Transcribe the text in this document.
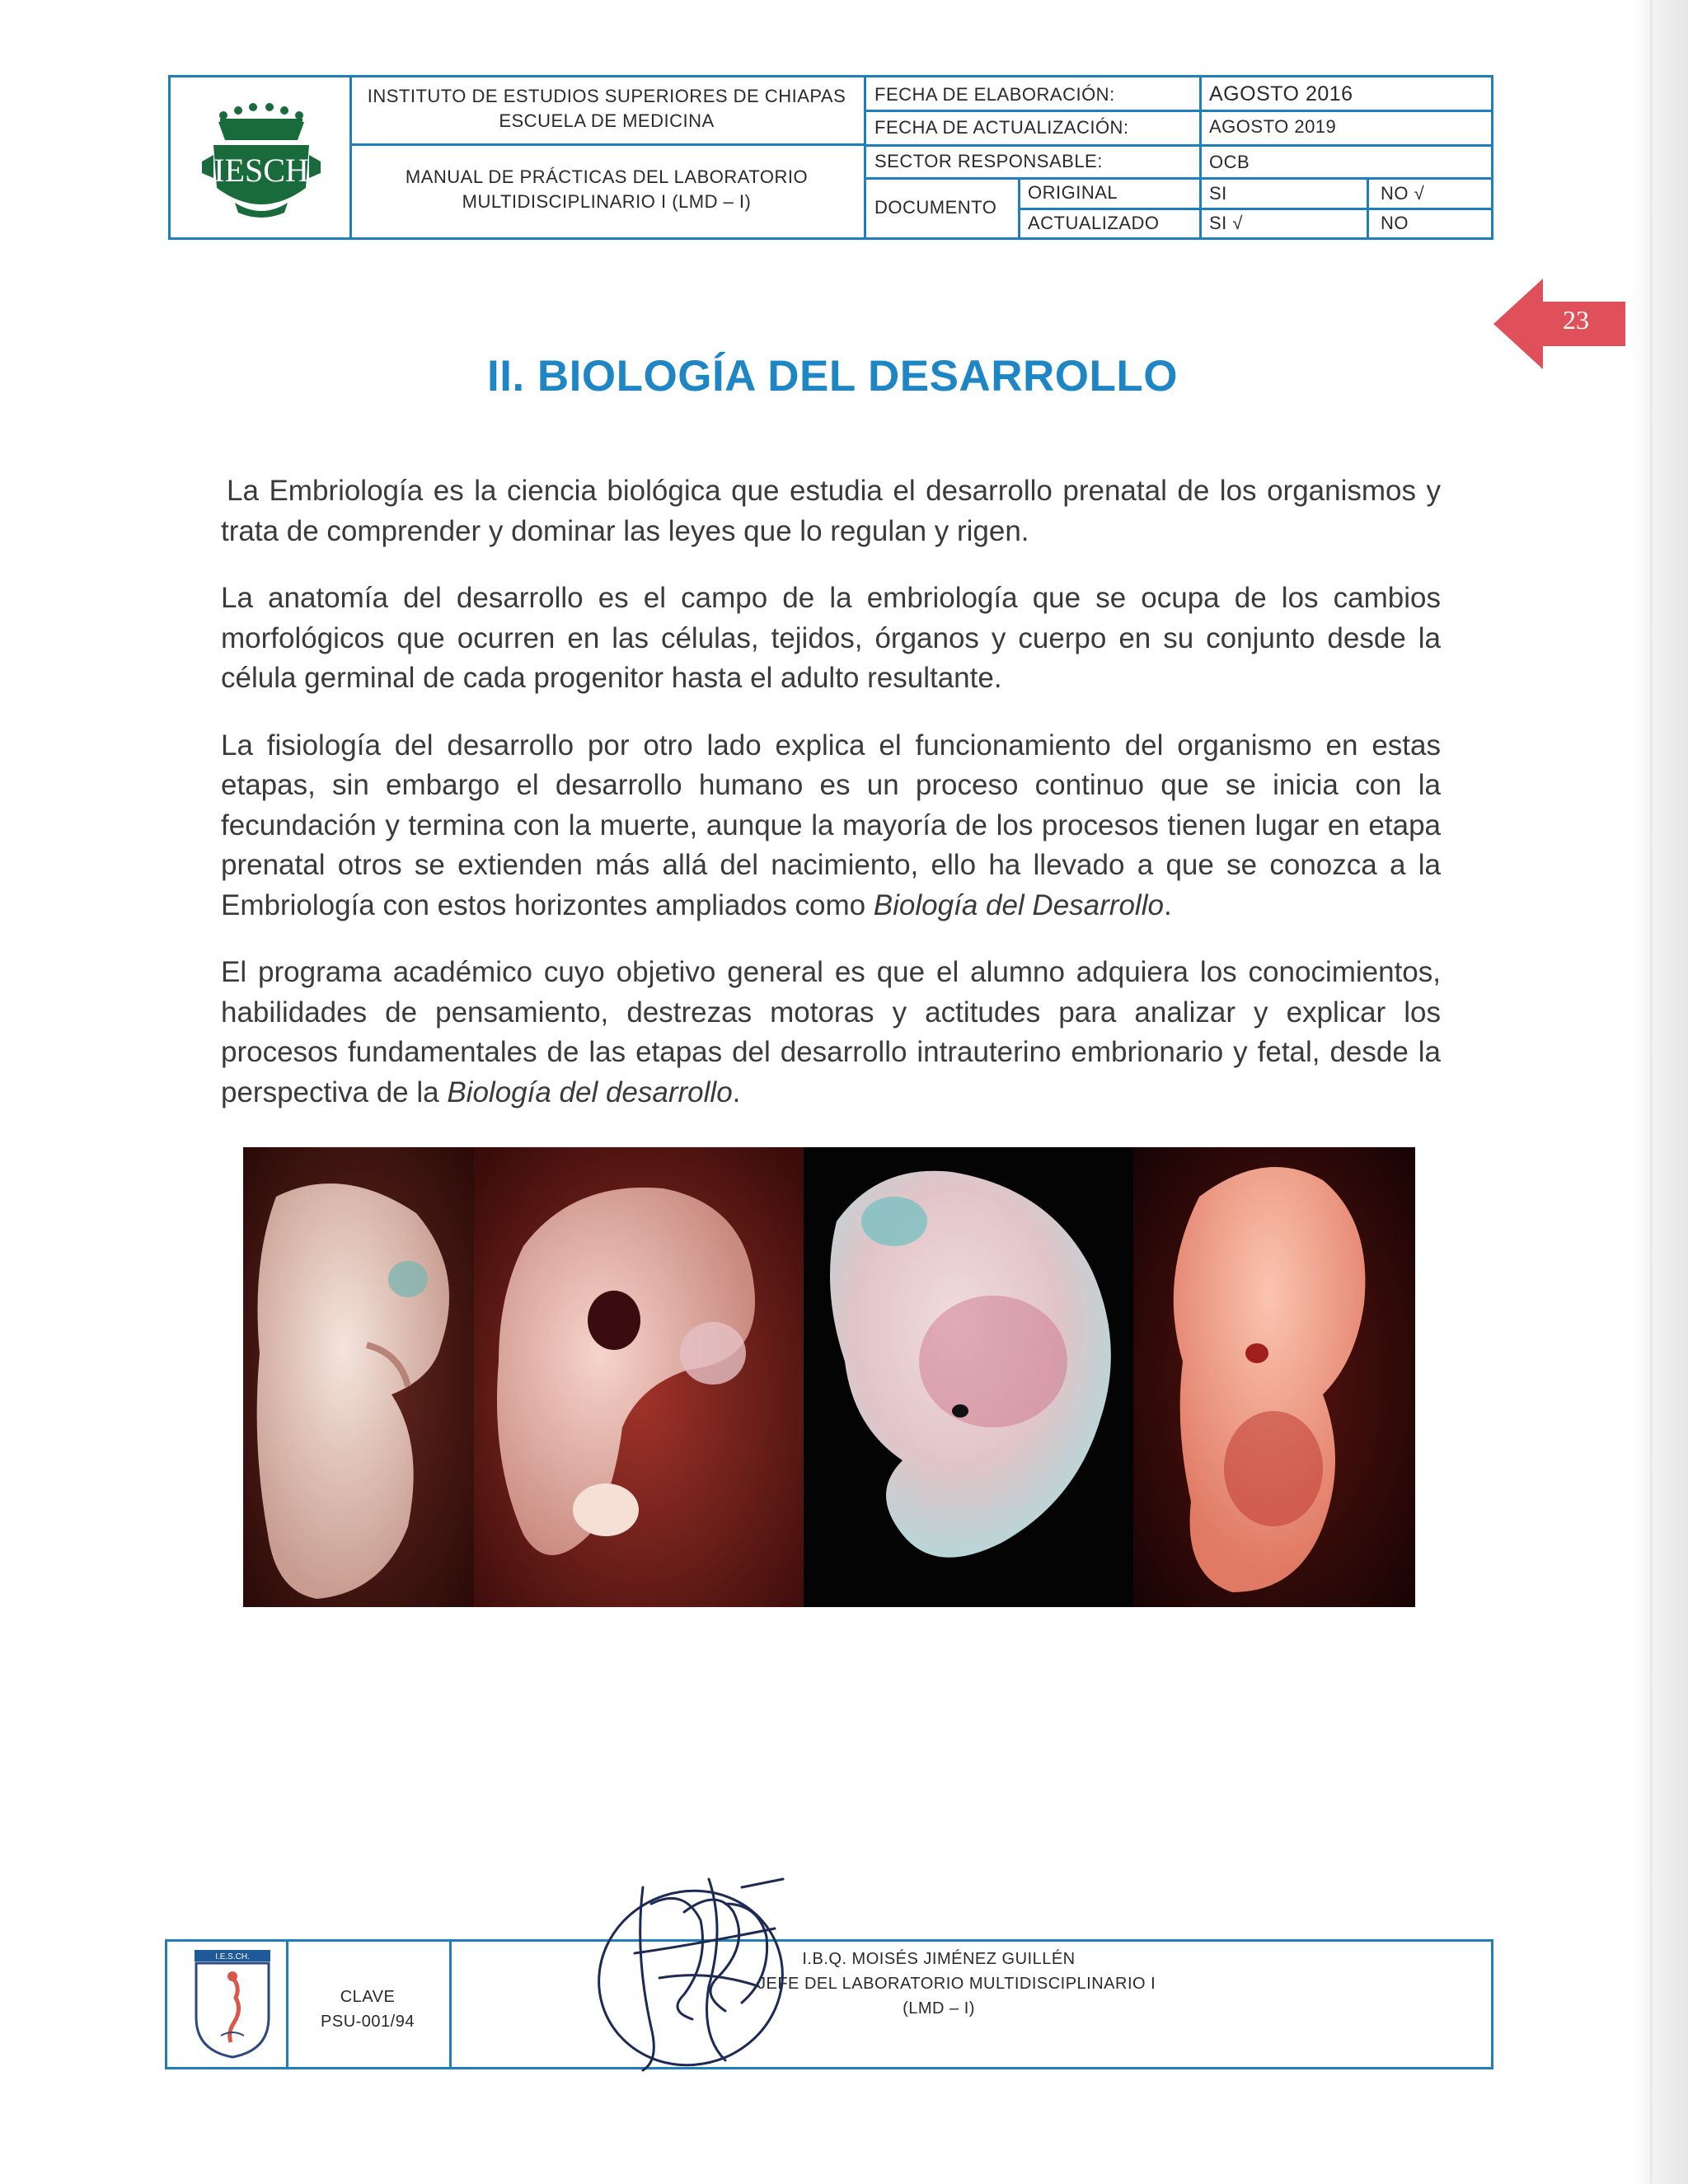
IESCH
INSTITUTO DE ESTUDIOS SUPERIORES DE CHIAPAS
ESCUELA DE MEDICINA
MANUAL DE PRÁCTICAS DEL LABORATORIO
MULTIDISCIPLINARIO I (LMD – I)
FECHA DE ELABORACIÓN:	AGOSTO 2016
FECHA DE ACTUALIZACIÓN:	AGOSTO 2019
SECTOR RESPONSABLE:	OCB
DOCUMENTO
ORIGINAL	SI	NO √
ACTUALIZADO	SI √	NO
23
II. BIOLOGÍA DEL DESARROLLO

La Embriología es la ciencia biológica que estudia el desarrollo prenatal de los organismos y trata de comprender y dominar las leyes que lo regulan y rigen.

La anatomía del desarrollo es el campo de la embriología que se ocupa de los cambios morfológicos que ocurren en las células, tejidos, órganos y cuerpo en su conjunto desde la célula germinal de cada progenitor hasta el adulto resultante.

La fisiología del desarrollo por otro lado explica el funcionamiento del organismo en estas etapas, sin embargo el desarrollo humano es un proceso continuo que se inicia con la fecundación y termina con la muerte, aunque la mayoría de los procesos tienen lugar en etapa prenatal otros se extienden más allá del nacimiento, ello ha llevado a que se conozca a la Embriología con estos horizontes ampliados como Biología del Desarrollo.

El programa académico cuyo objetivo general es que el alumno adquiera los conocimientos, habilidades de pensamiento, destrezas motoras y actitudes para analizar y explicar los procesos fundamentales de las etapas del desarrollo intrauterino embrionario y fetal, desde la perspectiva de la Biología del desarrollo.

CLAVE
PSU-001/94
I.B.Q. MOISÉS JIMÉNEZ GUILLÉN
JEFE DEL LABORATORIO MULTIDISCIPLINARIO I
(LMD – I)
I.E.S.CH.
